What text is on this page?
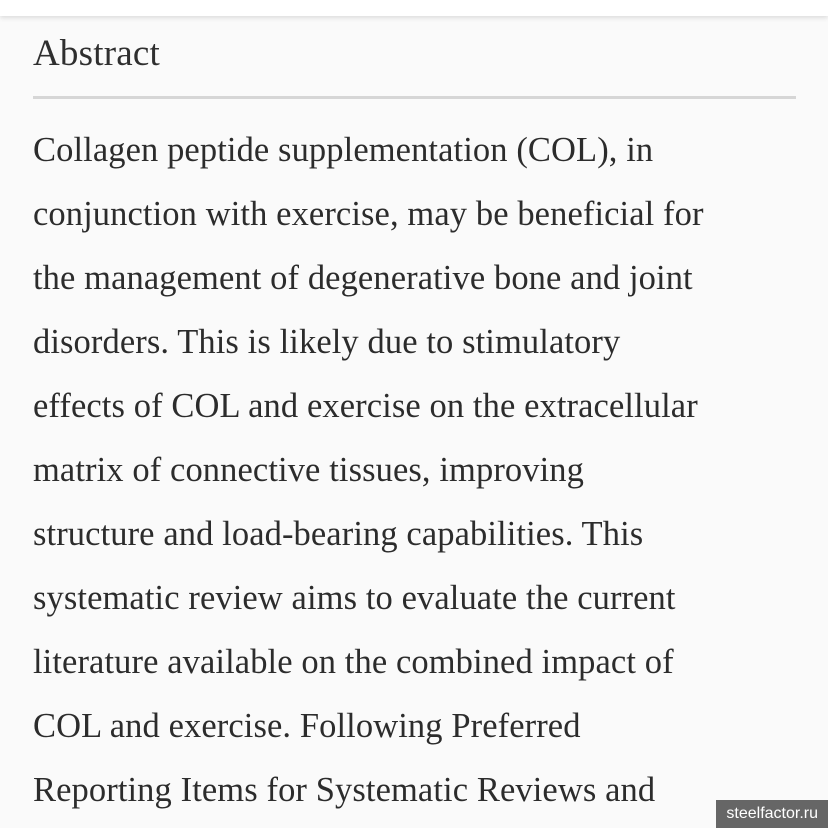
Abstract

Collagen peptide supplementation (COL), in
conjunction with exercise, may be beneficial for
the management of degenerative bone and joint
disorders. This is likely due to stimulatory
effects of COL and exercise on the extracellular
matrix of connective tissues, improving
structure and load-bearing capabilities. This
systematic review aims to evaluate the current
literature available on the combined impact of
COL and exercise. Following Preferred
Reporting Items for Systematic Reviews and

steelfactor.ru
